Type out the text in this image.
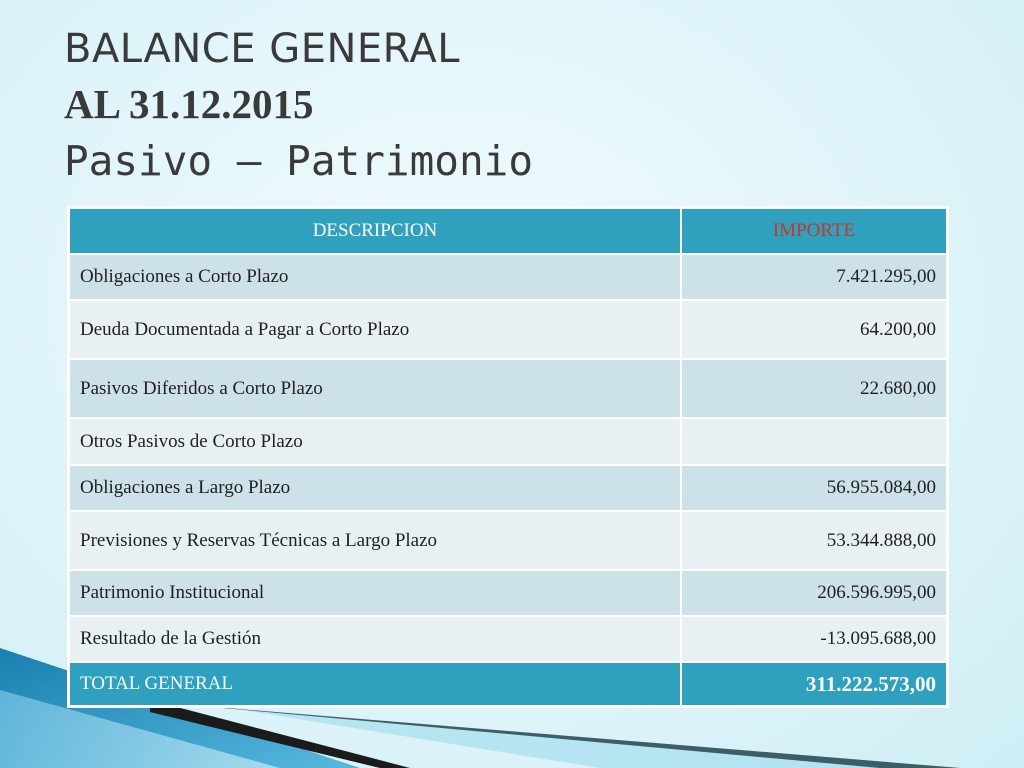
BALANCE GENERAL
AL 31.12.2015
Pasivo – Patrimonio
DESCRIPCION	IMPORTE
Obligaciones a Corto Plazo	7.421.295,00
Deuda Documentada a Pagar a Corto Plazo	64.200,00
Pasivos Diferidos a Corto Plazo	22.680,00
Otros Pasivos de Corto Plazo	
Obligaciones a Largo Plazo	56.955.084,00
Previsiones y Reservas Técnicas a Largo Plazo	53.344.888,00
Patrimonio Institucional	206.596.995,00
Resultado de la Gestión	-13.095.688,00
TOTAL GENERAL	311.222.573,00
